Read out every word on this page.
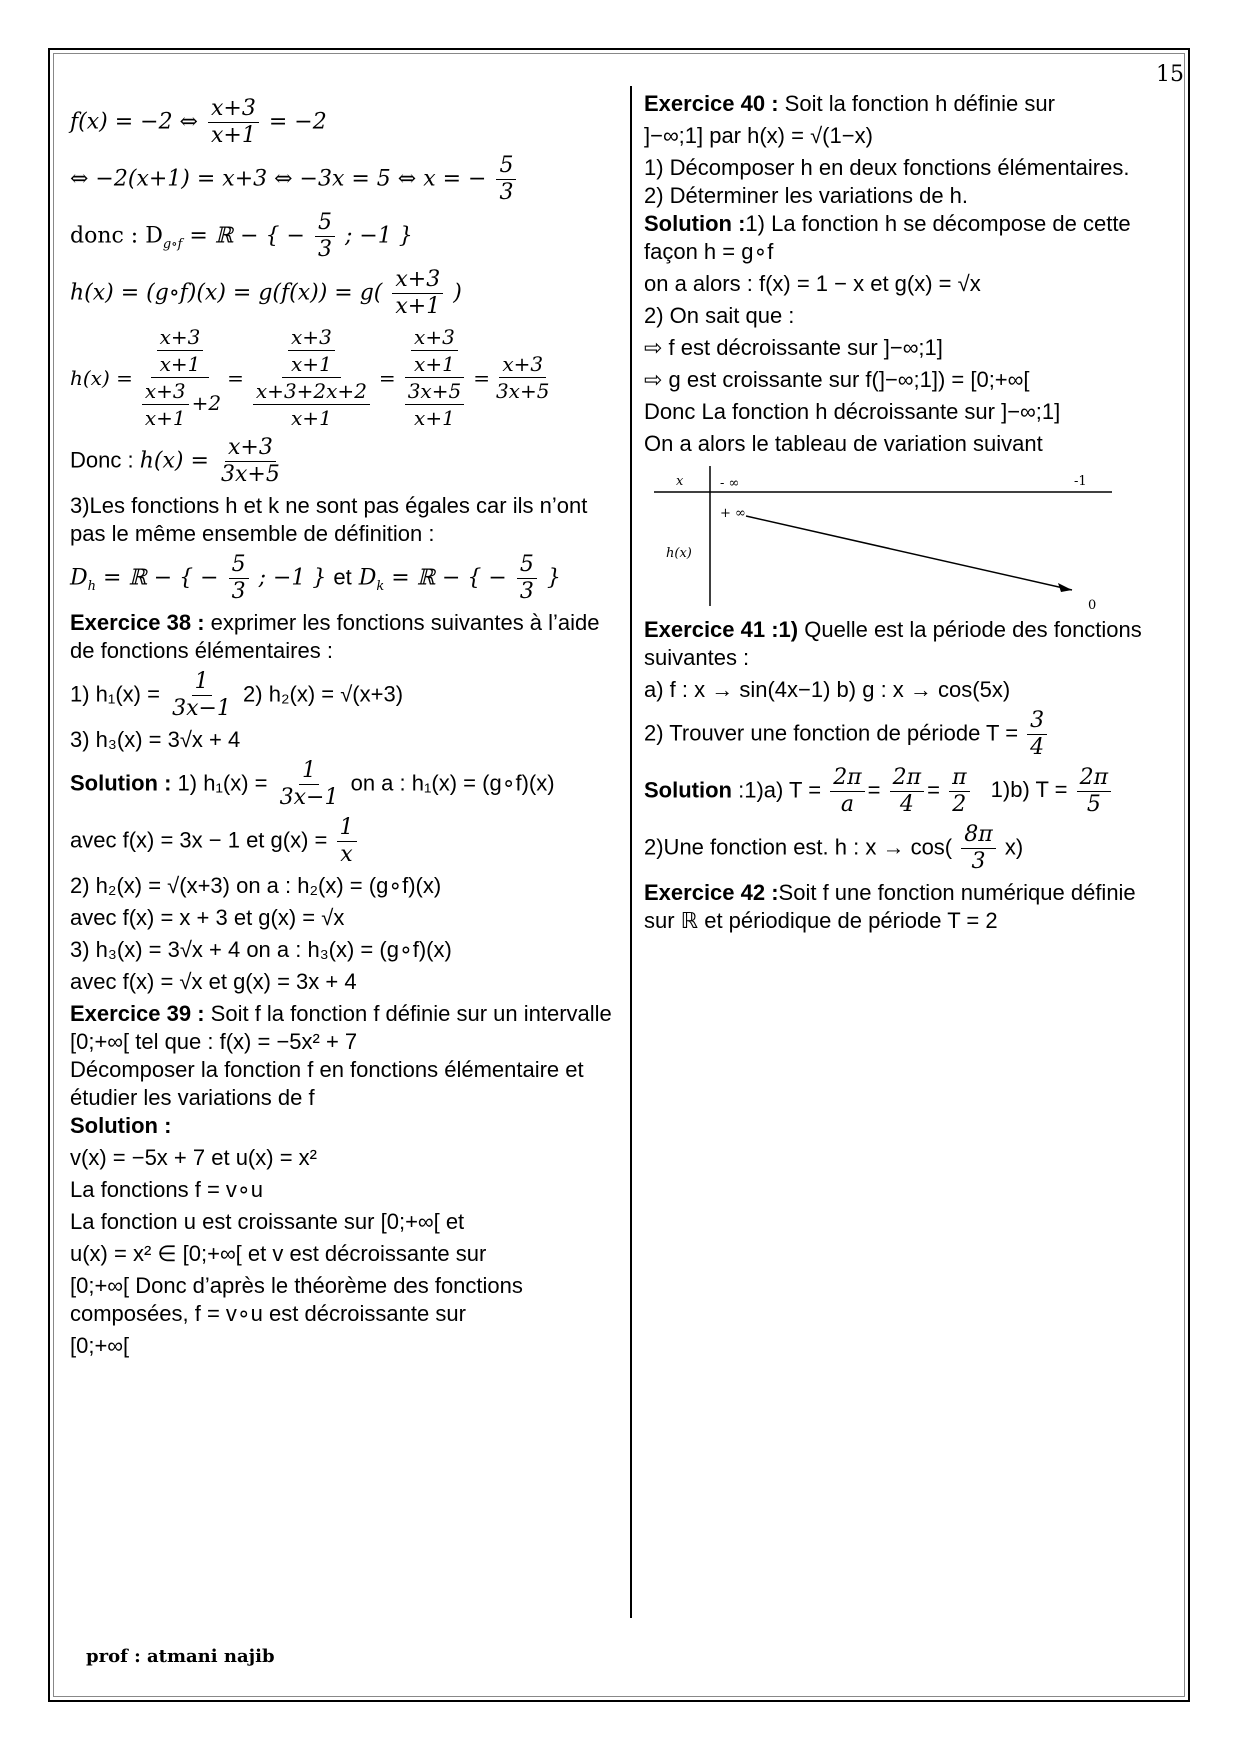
15
f(x) = −2 ⇔ $\frac{x+3}{x+1} = -2$
⇔ −2(x+1) = x+3 ⇔ −3x = 5 ⇔ x = − $\frac{5}{3}$
donc : $D_{g\circ f}$ = ℝ − { − $\frac{5}{3}$ ; −1 }
h(x) = (g∘f)(x) = $g(f(x)) = g( \frac{x+3}{x+1}$ )
$h(x) = \frac{\frac{x+3}{x+1}}{\frac{x+3}{x+1} +2} = \frac{\frac{x+3}{x+1}}{\frac{x+3+2x+2}{x+1}} = \frac{\frac{x+3}{x+1}}{\frac{3x+5}{x+1}} = \frac{x+3}{3x+5}$
Donc : $h(x) = \frac{x+3}{3x+5}$

3)Les fonctions h et k ne sont pas égales car ils n’ont pas le même ensemble de définition :

$D_h$ = ℝ − { − $\frac{5}{3}$ ; −1 } et $D_k$ = ℝ − { − $\frac{5}{3}$ }

Exercice 38 : exprimer les fonctions suivantes à l’aide de fonctions élémentaires :

1) $h_1(x) = \frac{1}{3x-1} 2$) h₂(x) = √(x+3)

3) h₃(x) = 3√x + 4

Solution : 1) $h_1(x) = \frac{1}{3x-1}$ on a : h₁(x) = (g∘f)(x)
avec f(x) = 3x − 1 et $g(x) = \frac{1}{x}$

2) h₂(x) = √(x+3) on a : h₂(x) = (g∘f)(x)

avec f(x) = x + 3 et g(x) = √x

3) h₃(x) = 3√x + 4 on a : h₃(x) = (g∘f)(x)

avec f(x) = √x et g(x) = 3x + 4

Exercice 39 : Soit f la fonction f définie sur un intervalle [0;+∞[ tel que : f(x) = −5x² + 7

Décomposer la fonction f en fonctions élémentaire et étudier les variations de f

Solution :

v(x) = −5x + 7 et u(x) = x²

La fonctions f = v∘u

La fonction u est croissante sur [0;+∞[ et

u(x) = x² ∈ [0;+∞[ et v est décroissante sur

[0;+∞[ Donc d’après le théorème des fonctions composées, f = v∘u est décroissante sur

[0;+∞[

Exercice 40 : Soit la fonction h définie sur

]−∞;1] par h(x) = √(1−x)

1) Décomposer h en deux fonctions élémentaires.

2) Déterminer les variations de h.

Solution :1) La fonction h se décompose de cette façon h = g∘f

on a alors : f(x) = 1 − x et g(x) = √x

2) On sait que :

⇨ f est décroissante sur ]−∞;1]

⇨ g est croissante sur f(]−∞;1]) = [0;+∞[

Donc La fonction h décroissante sur ]−∞;1]

On a alors le tableau de variation suivant

x	- ∞	-1
+ ∞
h(x)
0

Exercice 41 :1) Quelle est la période des fonctions suivantes :

a) f : x → sin(4x−1) b) g : x → cos(5x)

2) Trouver une fonction de période $T = \frac{3}{4}$
Solution :1)a) $T = \frac{2\pi}{a} = \frac{2\pi}{4} = \frac{\pi}{2} 1)b$) $T = \frac{2\pi}{5}$
2)Une fonction est. h : $x \to \cos( \frac{8\pi}{3} x)$

Exercice 42 :Soit f une fonction numérique définie sur ℝ et périodique de période T = 2

prof : atmani najib
